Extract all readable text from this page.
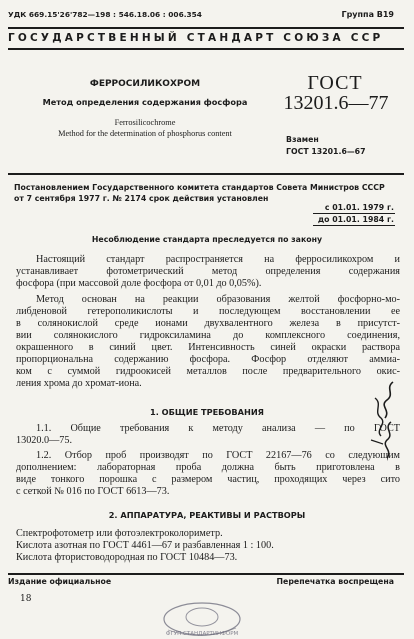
УДК 669.15'26'782—198 : 546.18.06 : 006.354	Группа В19
ГОСУДАРСТВЕННЫЙ СТАНДАРТ СОЮЗА ССР
ФЕРРОСИЛИКОХРОМ
Метод определения содержания фосфора
Ferrosilicochrome
Method for the determination of phosphorus content
ГОСТ
13201.6—77
Взамен
ГОСТ 13201.6—67
Постановлением Государственного комитета стандартов Совета Министров СССР
от 7 сентября 1977 г. № 2174 срок действия установлен
с 01.01. 1979 г.
до 01.01. 1984 г.
Несоблюдение стандарта преследуется по закону
Настоящий стандарт распространяется на ферросиликохром и
устанавливает фотометрический метод определения содержания
фосфора (при массовой доле фосфора от 0,01 до 0,05%).
Метод основан на реакции образования желтой фосфорно-мо-
либденовой гетерополикислоты и последующем восстановлении ее
в солянокислой среде ионами двухвалентного железа в присутст-
вии солянокислого гидроксиламина до комплексного соединения,
окрашенного в синий цвет. Интенсивность синей окраски раствора
пропорциональна содержанию фосфора. Фосфор отделяют аммиа-
ком с суммой гидроокисей металлов после предварительного окис-
ления хрома до хромат-иона.
1. ОБЩИЕ ТРЕБОВАНИЯ
1.1. Общие требования к методу анализа — по ГОСТ
13020.0—75.
1.2. Отбор проб производят по ГОСТ 22167—76 со следующим
дополнением: лабораторная проба должна быть приготовлена в
виде тонкого порошка с размером частиц, проходящих через сито
с сеткой № 016 по ГОСТ 6613—73.
2. АППАРАТУРА, РЕАКТИВЫ И РАСТВОРЫ
Спектрофотометр или фотоэлектроколориметр.
Кислота азотная по ГОСТ 4461—67 и разбавленная 1 : 100.
Кислота фтористоводородная по ГОСТ 10484—73.
Издание официальное	Перепечатка воспрещена
18
ФГУП СТАНДАРТИНФОРМ
